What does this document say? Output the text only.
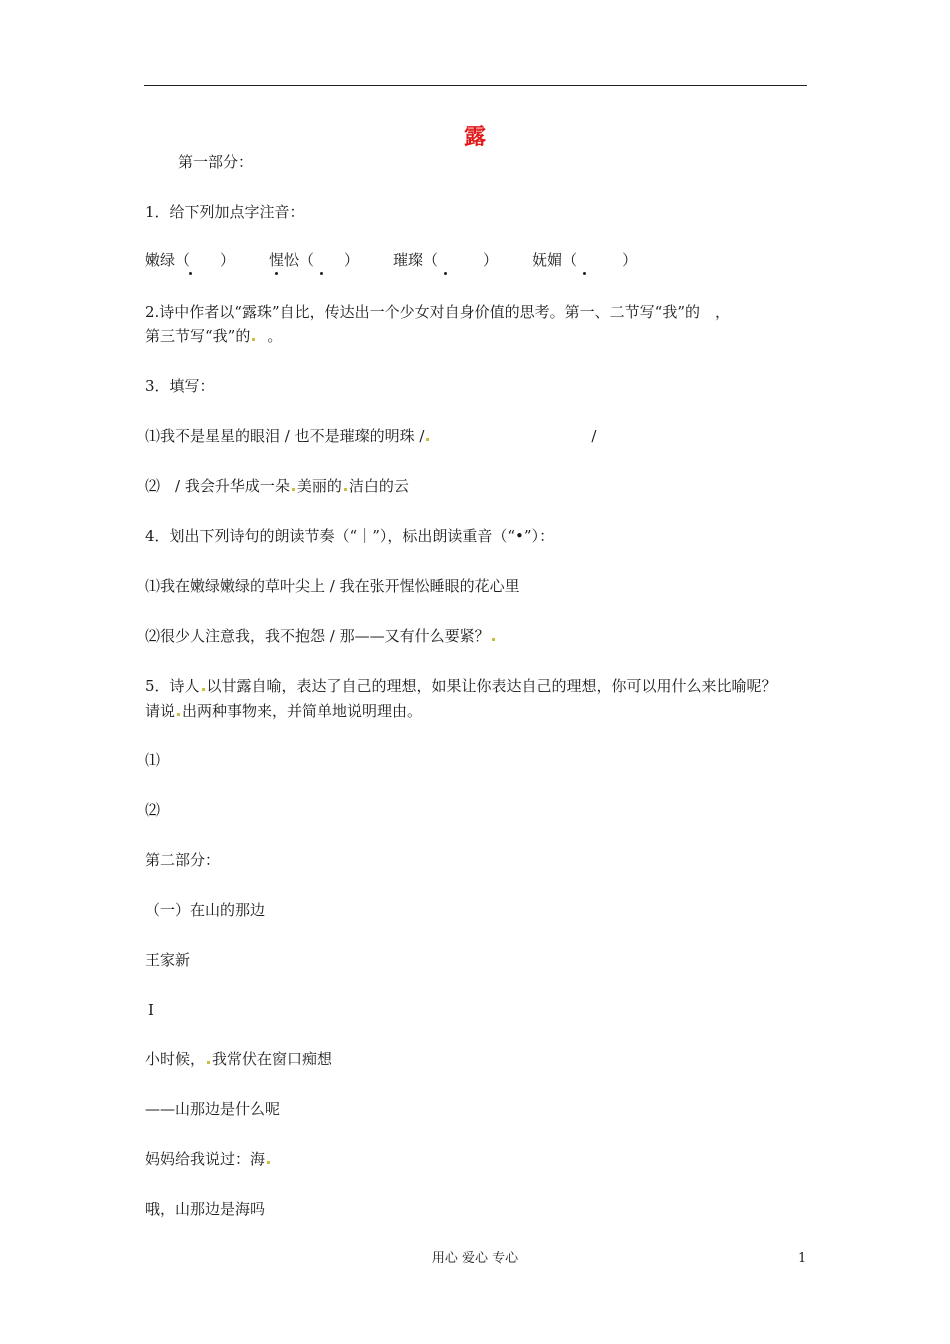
露
第一部分：
1．给下列加点字注音：
嫩绿（　　） 惺忪（　　） 璀璨（　　　） 妩媚（　　　）
2.诗中作者以“露珠”自比，传达出一个少女对自身价值的思考。第一、二节写“我”的　，
第三节写“我”的 。
3．填写：
⑴我不是星星的眼泪 / 也不是璀璨的明珠 /	/
⑵　/ 我会升华成一朵 美丽的 洁白的云
4．划出下列诗句的朗读节奏（“｜”），标出朗读重音（“•”）：
⑴我在嫩绿嫩绿的草叶尖上 / 我在张开惺忪睡眼的花心里
⑵很少人注意我，我不抱怨 / 那——又有什么要紧？
5．诗人 以甘露自喻，表达了自己的理想，如果让你表达自己的理想，你可以用什么来比喻呢？
请说 出两种事物来，并简单地说明理由。
⑴
⑵
第二部分：
（一）在山的那边
王家新
Ⅰ
小时候， 我常伏在窗口痴想
——山那边是什么呢
妈妈给我说过：海
哦，山那边是海吗
用心 爱心 专心	1
